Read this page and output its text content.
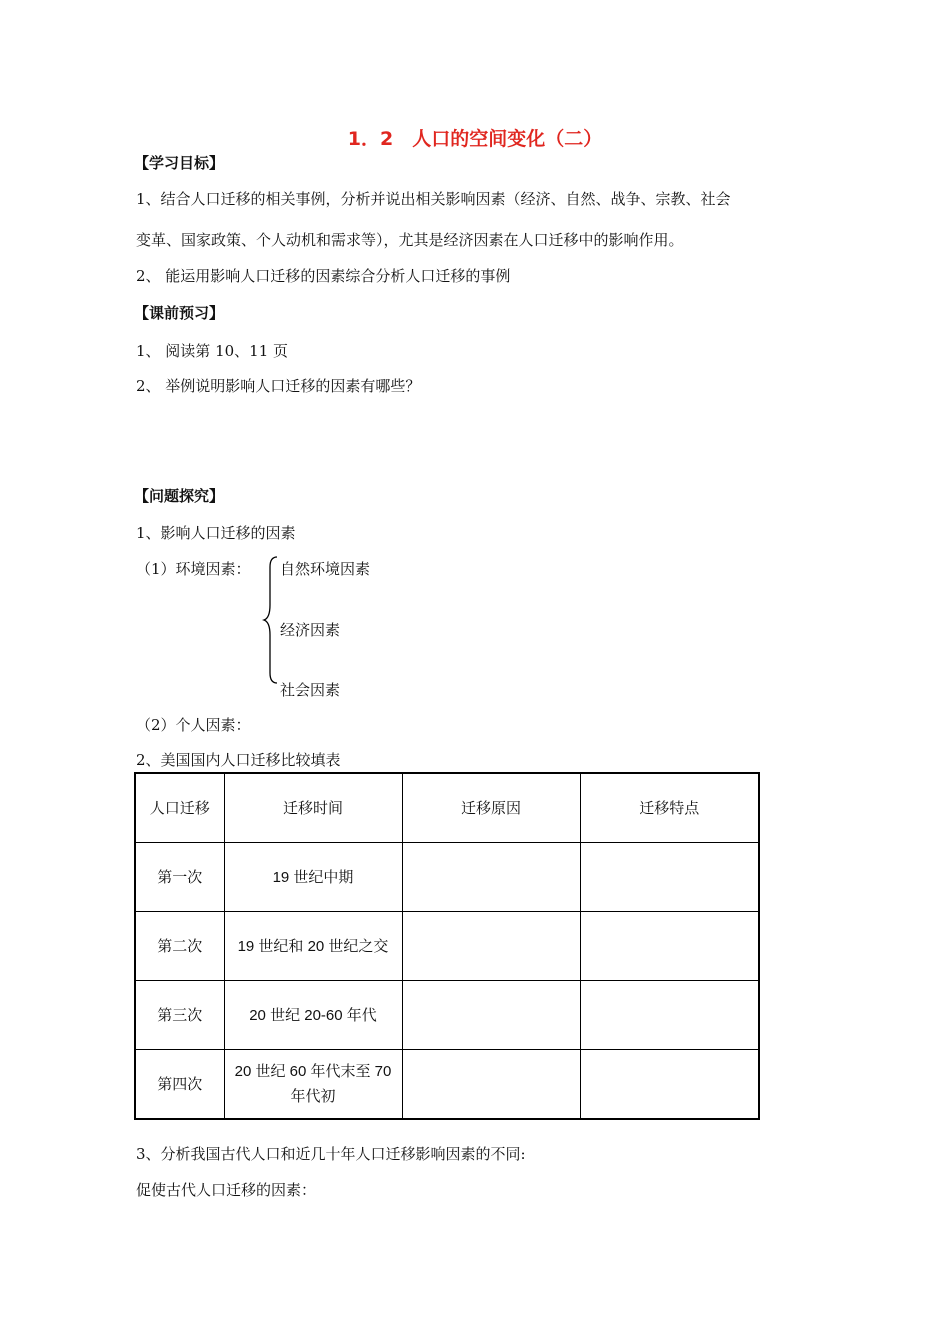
1．2　人口的空间变化（二）
【学习目标】
1、结合人口迁移的相关事例，分析并说出相关影响因素（经济、自然、战争、宗教、社会
变革、国家政策、个人动机和需求等），尤其是经济因素在人口迁移中的影响作用。
2、 能运用影响人口迁移的因素综合分析人口迁移的事例
【课前预习】
1、 阅读第 10、11 页
2、 举例说明影响人口迁移的因素有哪些？
【问题探究】
1、影响人口迁移的因素
（1）环境因素： 自然环境因素
经济因素
社会因素
（2）个人因素：
2、美国国内人口迁移比较填表
人口迁移	迁移时间	迁移原因	迁移特点
第一次	19 世纪中期		
第二次	19 世纪和 20 世纪之交		
第三次	20 世纪 20-60 年代		
第四次	20 世纪 60 年代末至 70 年代初		
3、分析我国古代人口和近几十年人口迁移影响因素的不同:
促使古代人口迁移的因素：
